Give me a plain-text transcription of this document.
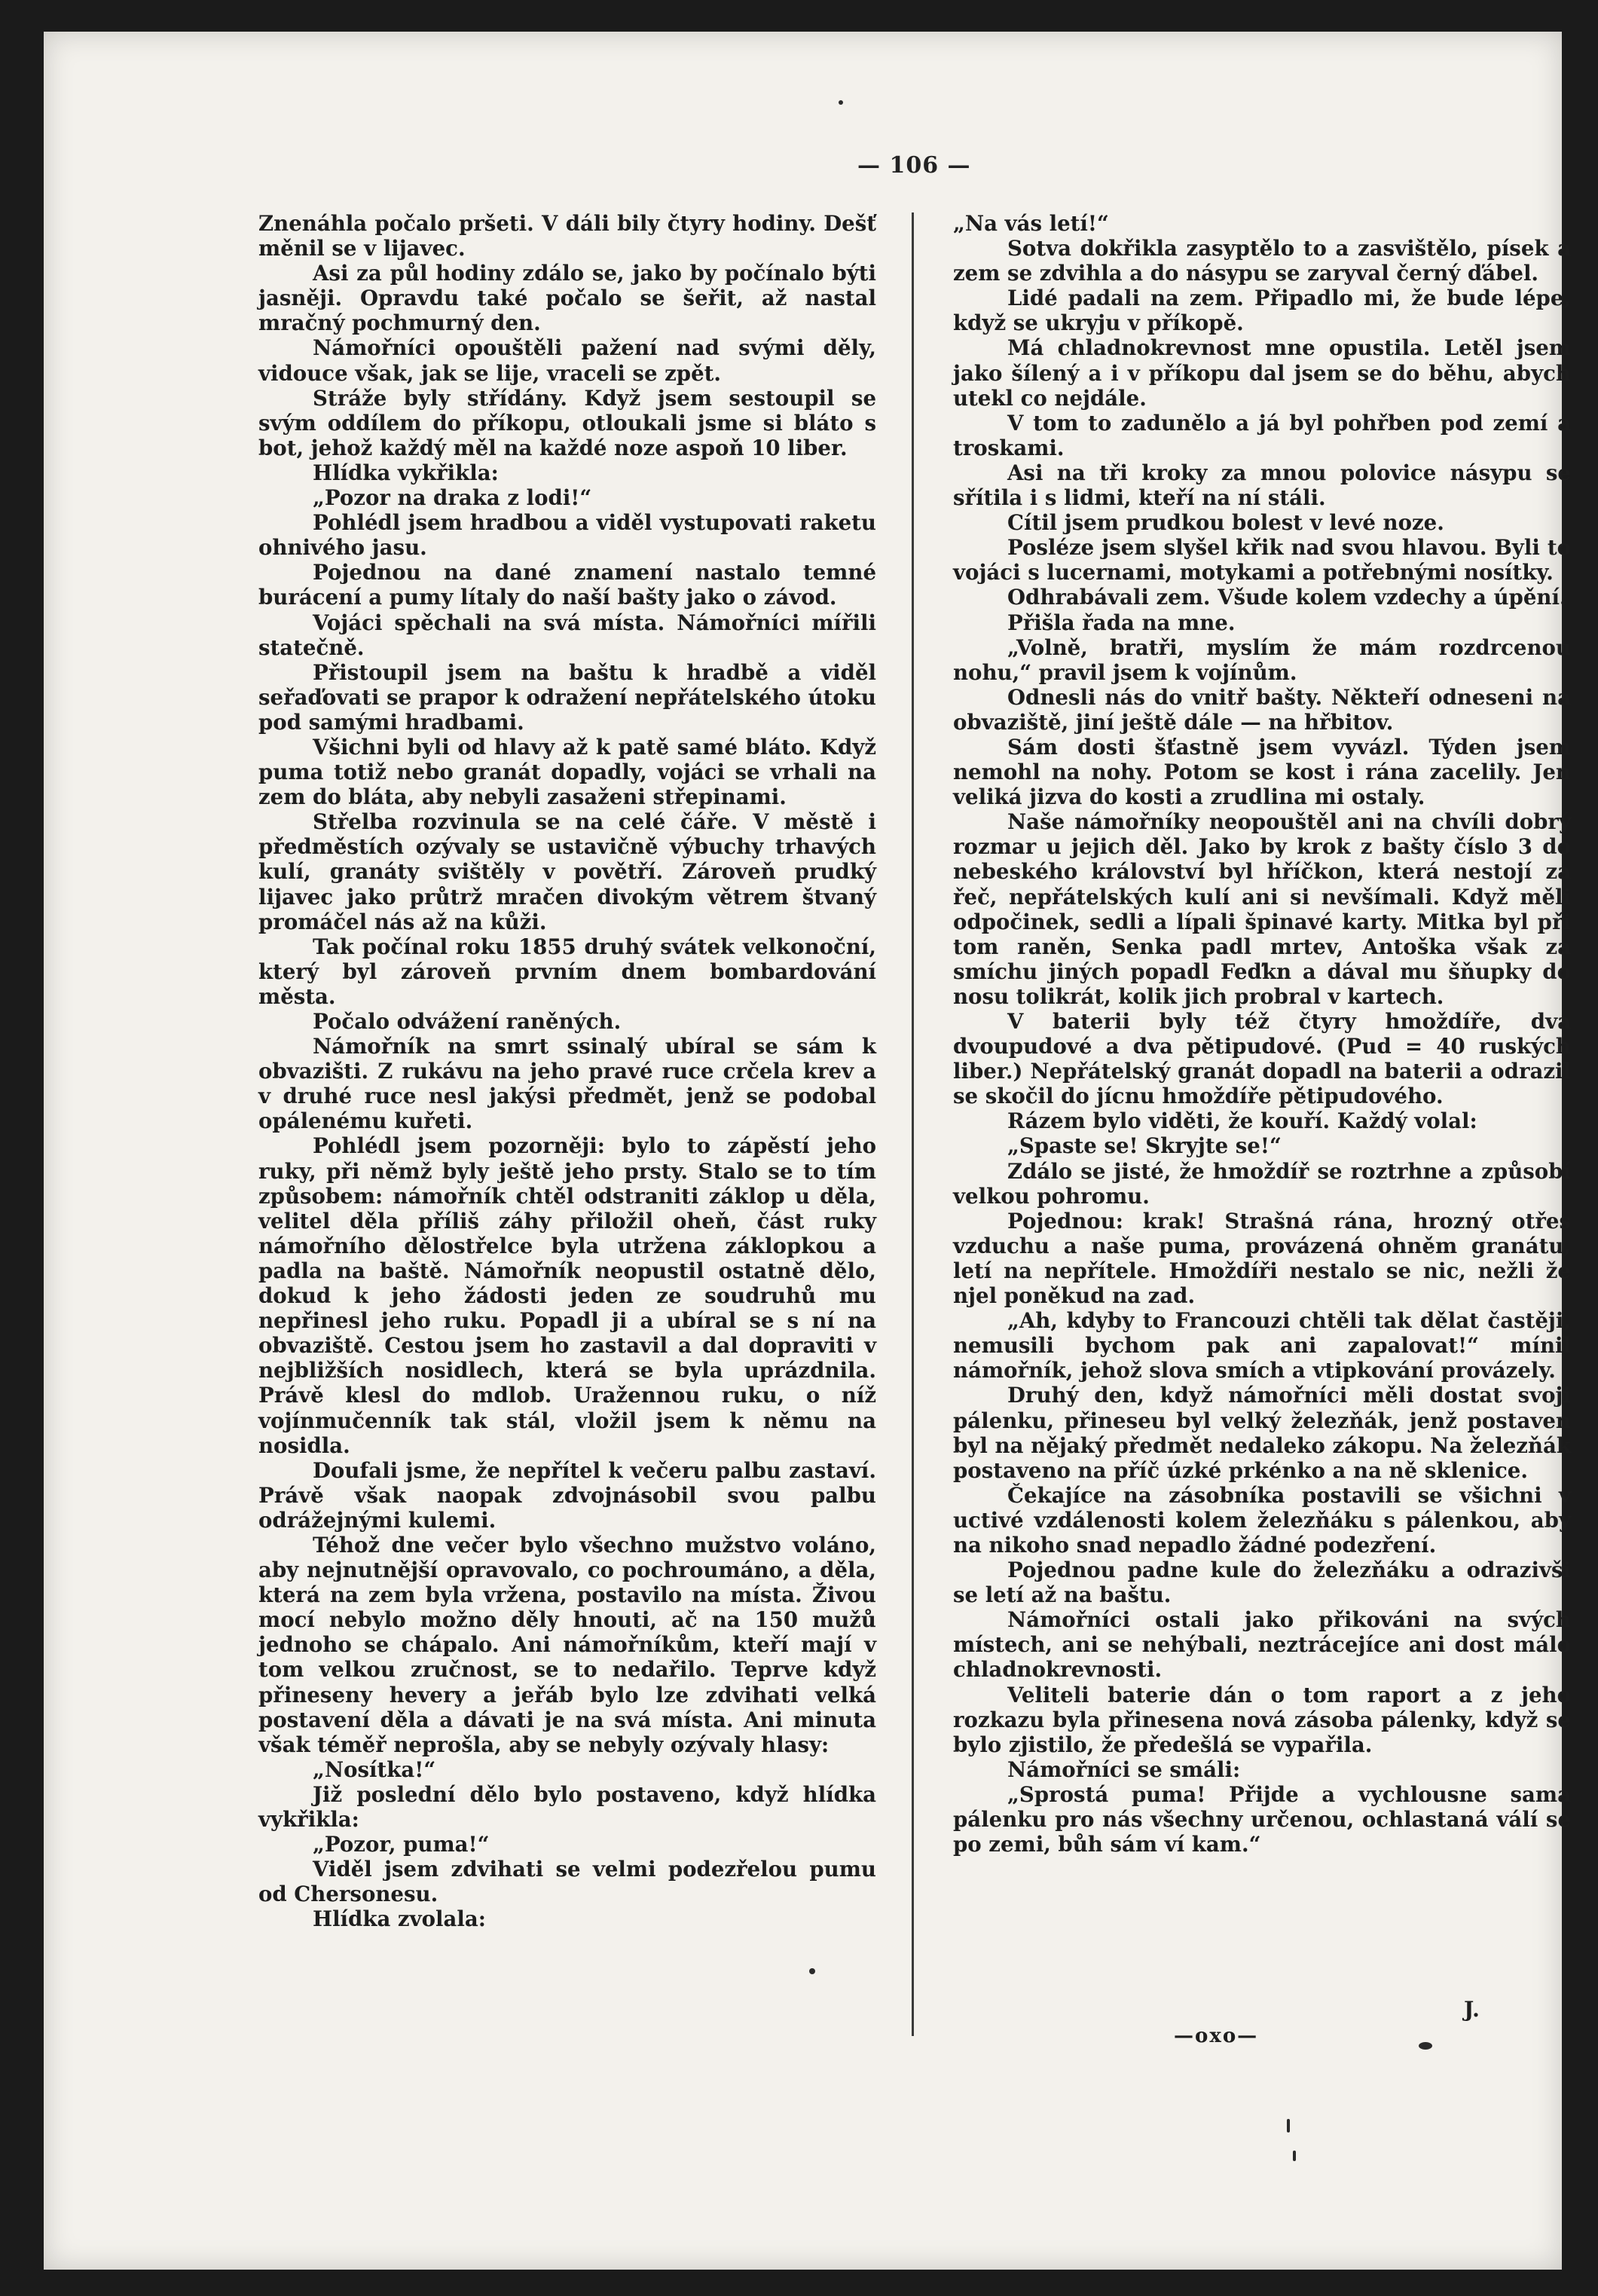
— 106 —

Znenáhla počalo pršeti. V dáli bily čtyry hodiny. Dešť měnil se v lijavec.

Asi za půl hodiny zdálo se, jako by počínalo býti jasněji. Opravdu také počalo se šeřit, až nastal mračný pochmurný den.

Námořníci opouštěli pažení nad svými děly, vidouce však, jak se lije, vraceli se zpět.

Stráže byly střídány. Když jsem sestoupil se svým oddílem do příkopu, otloukali jsme si bláto s bot, jehož každý měl na každé noze aspoň 10 liber.

Hlídka vykřikla:

„Pozor na draka z lodi!“

Pohlédl jsem hradbou a viděl vystupovati raketu ohnivého jasu.

Pojednou na dané znamení nastalo temné burácení a pumy lítaly do naší bašty jako o závod.

Vojáci spěchali na svá místa. Námořníci mířili statečně.

Přistoupil jsem na baštu k hradbě a viděl seřaďovati se prapor k odražení nepřátelského útoku pod samými hradbami.

Všichni byli od hlavy až k patě samé bláto. Když puma totiž nebo granát dopadly, vojáci se vrhali na zem do bláta, aby nebyli zasaženi střepinami.

Střelba rozvinula se na celé čáře. V městě i předměstích ozývaly se ustavičně výbuchy trhavých kulí, granáty svištěly v povětří. Zároveň prudký lijavec jako průtrž mračen divokým větrem štvaný promáčel nás až na kůži.

Tak počínal roku 1855 druhý svátek velkonoční, který byl zároveň prvním dnem bombardování města.

Počalo odvážení raněných.

Námořník na smrt ssinalý ubíral se sám k obvazišti. Z rukávu na jeho pravé ruce crčela krev a v druhé ruce nesl jakýsi předmět, jenž se podobal opálenému kuřeti.

Pohlédl jsem pozorněji: bylo to zápěstí jeho ruky, při němž byly ještě jeho prsty. Stalo se to tím způsobem: námořník chtěl odstraniti záklop u děla, velitel děla příliš záhy přiložil oheň, část ruky námořního dělostřelce byla utržena záklopkou a padla na baště. Námořník neopustil ostatně dělo, dokud k jeho žádosti jeden ze soudruhů mu nepřinesl jeho ruku. Popadl ji a ubíral se s ní na obvaziště. Cestou jsem ho zastavil a dal dopraviti v nejbližších nosidlech, která se byla uprázdnila. Právě klesl do mdlob. Uražennou ruku, o níž vojínmučenník tak stál, vložil jsem k němu na nosidla.

Doufali jsme, že nepřítel k večeru palbu zastaví. Právě však naopak zdvojnásobil svou palbu odrážejnými kulemi.

Téhož dne večer bylo všechno mužstvo voláno, aby nejnutnější opravovalo, co pochroumáno, a děla, která na zem byla vržena, postavilo na místa. Živou mocí nebylo možno děly hnouti, ač na 150 mužů jednoho se chápalo. Ani námořníkům, kteří mají v tom velkou zručnost, se to nedařilo. Teprve když přineseny hevery a jeřáb bylo lze zdvihati velká postavení děla a dávati je na svá místa. Ani minuta však téměř neprošla, aby se nebyly ozývaly hlasy:

„Nosítka!“

Již poslední dělo bylo postaveno, když hlídka vykřikla:

„Pozor, puma!“

Viděl jsem zdvihati se velmi podezřelou pumu od Chersonesu.

Hlídka zvolala:

„Na vás letí!“

Sotva dokřikla zasyptělo to a zasvištělo, písek a zem se zdvihla a do násypu se zaryval černý ďábel.

Lidé padali na zem. Připadlo mi, že bude lépe, když se ukryju v příkopě.

Má chladnokrevnost mne opustila. Letěl jsem jako šílený a i v příkopu dal jsem se do běhu, abych utekl co nejdále.

V tom to zadunělo a já byl pohřben pod zemí a troskami.

Asi na tři kroky za mnou polovice násypu se sřítila i s lidmi, kteří na ní stáli.

Cítil jsem prudkou bolest v levé noze.

Posléze jsem slyšel křik nad svou hlavou. Byli to vojáci s lucernami, motykami a potřebnými nosítky.

Odhrabávali zem. Všude kolem vzdechy a úpění.

Přišla řada na mne.

„Volně, bratři, myslím že mám rozdrcenou nohu,“ pravil jsem k vojínům.

Odnesli nás do vnitř bašty. Někteří odneseni na obvaziště, jiní ještě dále — na hřbitov.

Sám dosti šťastně jsem vyvázl. Týden jsem nemohl na nohy. Potom se kost i rána zacelily. Jen veliká jizva do kosti a zrudlina mi ostaly.

Naše námořníky neopouštěl ani na chvíli dobrý rozmar u jejich děl. Jako by krok z bašty číslo 3 do nebeského království byl hříčkon, která nestojí za řeč, nepřátelských kulí ani si nevšímali. Když měli odpočinek, sedli a lípali špinavé karty. Mitka byl při tom raněn, Senka padl mrtev, Antoška však za smíchu jiných popadl Feďkn a dával mu šňupky do nosu tolikrát, kolik jich probral v kartech.

V baterii byly též čtyry hmoždíře, dva dvoupudové a dva pětipudové. (Pud = 40 ruských liber.) Nepřátelský granát dopadl na baterii a odrazil se skočil do jícnu hmoždíře pětipudového.

Rázem bylo viděti, že kouří. Každý volal:

„Spaste se! Skryjte se!“

Zdálo se jisté, že hmoždíř se roztrhne a způsobí velkou pohromu.

Pojednou: krak! Strašná rána, hrozný otřes vzduchu a naše puma, provázená ohněm granátu, letí na nepřítele. Hmoždíři nestalo se nic, nežli že njel poněkud na zad.

„Ah, kdyby to Francouzi chtěli tak dělat častěji, nemusili bychom pak ani zapalovat!“ mínil námořník, jehož slova smích a vtipkování provázely.

Druhý den, když námořníci měli dostat svoji pálenku, přineseu byl velký železňák, jenž postaven byl na nějaký předmět nedaleko zákopu. Na železňák postaveno na příč úzké prkénko a na ně sklenice.

Čekajíce na zásobníka postavili se všichni v uctivé vzdálenosti kolem železňáku s pálenkou, aby na nikoho snad nepadlo žádné podezření.

Pojednou padne kule do železňáku a odrazivši se letí až na baštu.

Námořníci ostali jako přikováni na svých místech, ani se nehýbali, neztrácejíce ani dost málo chladnokrevnosti.

Veliteli baterie dán o tom raport a z jeho rozkazu byla přinesena nová zásoba pálenky, když se bylo zjistilo, že předešlá se vypařila.

Námořníci se smáli:

„Sprostá puma! Přijde a vychlousne sama pálenku pro nás všechny určenou, ochlastaná válí se po zemi, bůh sám ví kam.“

J.
—oxo—
